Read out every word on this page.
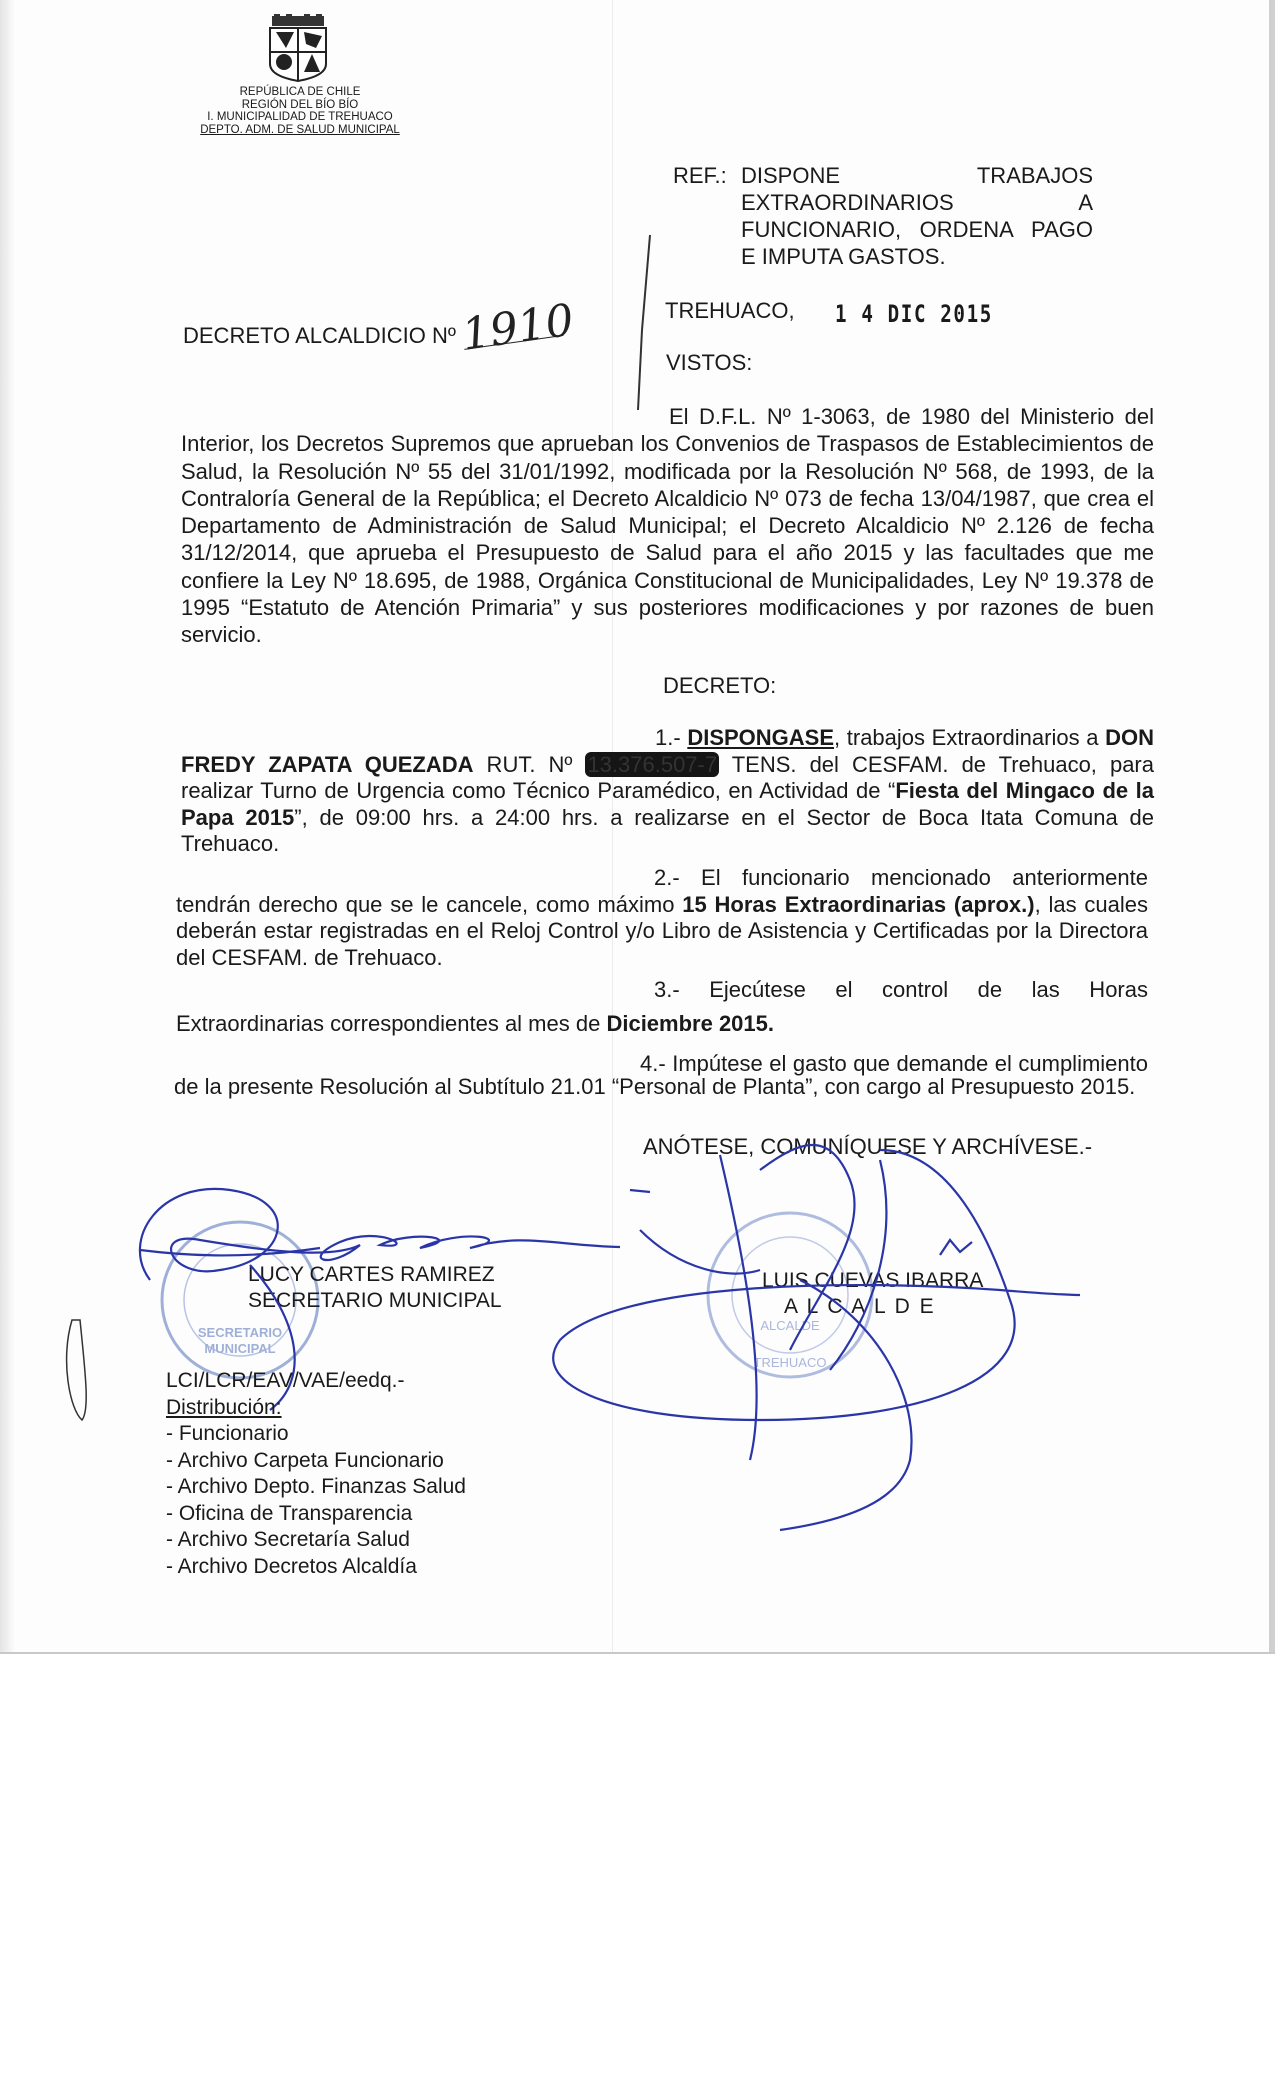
REPÚBLICA DE CHILE
REGIÓN DEL BÍO BÍO
I. MUNICIPALIDAD DE TREHUACO
DEPTO. ADM. DE SALUD MUNICIPAL
REF.: DISPONE TRABAJOS
EXTRAORDINARIOS A
FUNCIONARIO, ORDENA PAGO
E IMPUTA GASTOS.
DECRETO ALCALDICIO Nº 1910	TREHUACO, 1 4 DIC 2015
VISTOS:
El D.F.L. Nº 1-3063, de 1980 del Ministerio del Interior, los Decretos Supremos que aprueban los Convenios de Traspasos de Establecimientos de Salud, la Resolución Nº 55 del 31/01/1992, modificada por la Resolución Nº 568, de 1993, de la Contraloría General de la República; el Decreto Alcaldicio Nº 073 de fecha 13/04/1987, que crea el Departamento de Administración de Salud Municipal; el Decreto Alcaldicio Nº 2.126 de fecha 31/12/2014, que aprueba el Presupuesto de Salud para el año 2015 y las facultades que me confiere la Ley Nº 18.695, de 1988, Orgánica Constitucional de Municipalidades, Ley Nº 19.378 de 1995 “Estatuto de Atención Primaria” y sus posteriores modificaciones y por razones de buen servicio.
DECRETO:
1.- DISPONGASE, trabajos Extraordinarios a DON FREDY ZAPATA QUEZADA RUT. Nº 13.376.507-7 TENS. del CESFAM. de Trehuaco, para realizar Turno de Urgencia como Técnico Paramédico, en Actividad de “Fiesta del Mingaco de la Papa 2015”, de 09:00 hrs. a 24:00 hrs. a realizarse en el Sector de Boca Itata Comuna de Trehuaco.
2.- El funcionario mencionado anteriormente tendrán derecho que se le cancele, como máximo 15 Horas Extraordinarias (aprox.), las cuales deberán estar registradas en el Reloj Control y/o Libro de Asistencia y Certificadas por la Directora del CESFAM. de Trehuaco.
3.- Ejecútese el control de las Horas Extraordinarias correspondientes al mes de Diciembre 2015.
4.- Impútese el gasto que demande el cumplimiento de la presente Resolución al Subtítulo 21.01 “Personal de Planta”, con cargo al Presupuesto 2015.
ANÓTESE, COMUNÍQUESE Y ARCHÍVESE.-
SECRETARIO
MUNICIPAL
ALCALDE
TREHUACO
LUCY CARTES RAMIREZ
SECRETARIO MUNICIPAL
LUIS CUEVAS IBARRA
A L C A L D E
LCI/LCR/EAV/VAE/eedq.-
Distribución:
- Funcionario
- Archivo Carpeta Funcionario
- Archivo Depto. Finanzas Salud
- Oficina de Transparencia
- Archivo Secretaría Salud
- Archivo Decretos Alcaldía
